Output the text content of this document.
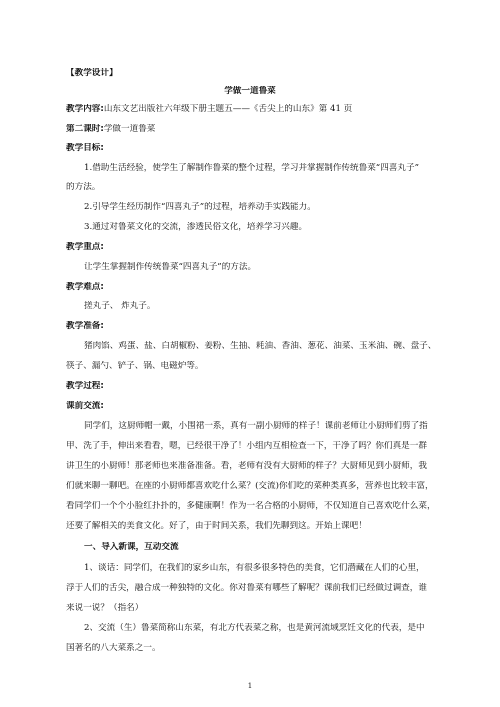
【教学设计】
学做一道鲁菜
教学内容:山东文艺出版社六年级下册主题五——《舌尖上的山东》第 41 页
第二课时:学做一道鲁菜
教学目标:
1.借助生活经验，使学生了解制作鲁菜的整个过程，学习并掌握制作传统鲁菜“四喜丸子”
的方法。
2.引导学生经历制作“四喜丸子”的过程，培养动手实践能力。
3.通过对鲁菜文化的交流，渗透民俗文化，培养学习兴趣。
教学重点:
让学生掌握制作传统鲁菜“四喜丸子”的方法。
教学难点:
搓丸子、 炸丸子。
教学准备:
猪肉馅、鸡蛋、盐、白胡椒粉、姜粉、生抽、耗油、香油、葱花、油菜、玉米油、碗、盘子、
筷子、漏勺、铲子、锅、电磁炉等。
教学过程:
课前交流:
同学们，这厨师帽一戴，小围裙一系，真有一副小厨师的样子！课前老师让小厨师们剪了指
甲、洗了手，伸出来看看，嗯，已经很干净了！小组内互相检查一下，干净了吗？你们真是一群
讲卫生的小厨师！那老师也来准备准备。看，老师有没有大厨师的样子？大厨师见到小厨师，我
们就来聊一聊吧。在座的小厨师都喜欢吃什么菜？(交流)你们吃的菜种类真多，营养也比较丰富，
看同学们一个个小脸红扑扑的，多健康啊！作为一名合格的小厨师，不仅知道自己喜欢吃什么菜，
还要了解相关的美食文化。好了，由于时间关系，我们先聊到这。开始上课吧！
一、导入新课，互动交流
1、谈话：同学们，在我们的家乡山东，有很多很多特色的美食，它们潜藏在人们的心里，
浮于人们的舌尖，融合成一种独特的文化。你对鲁菜有哪些了解呢？课前我们已经做过调查，谁
来说一说？（指名）
2、交流（生）鲁菜简称山东菜，有北方代表菜之称，也是黄河流域烹饪文化的代表，是中
国著名的八大菜系之一。
1
